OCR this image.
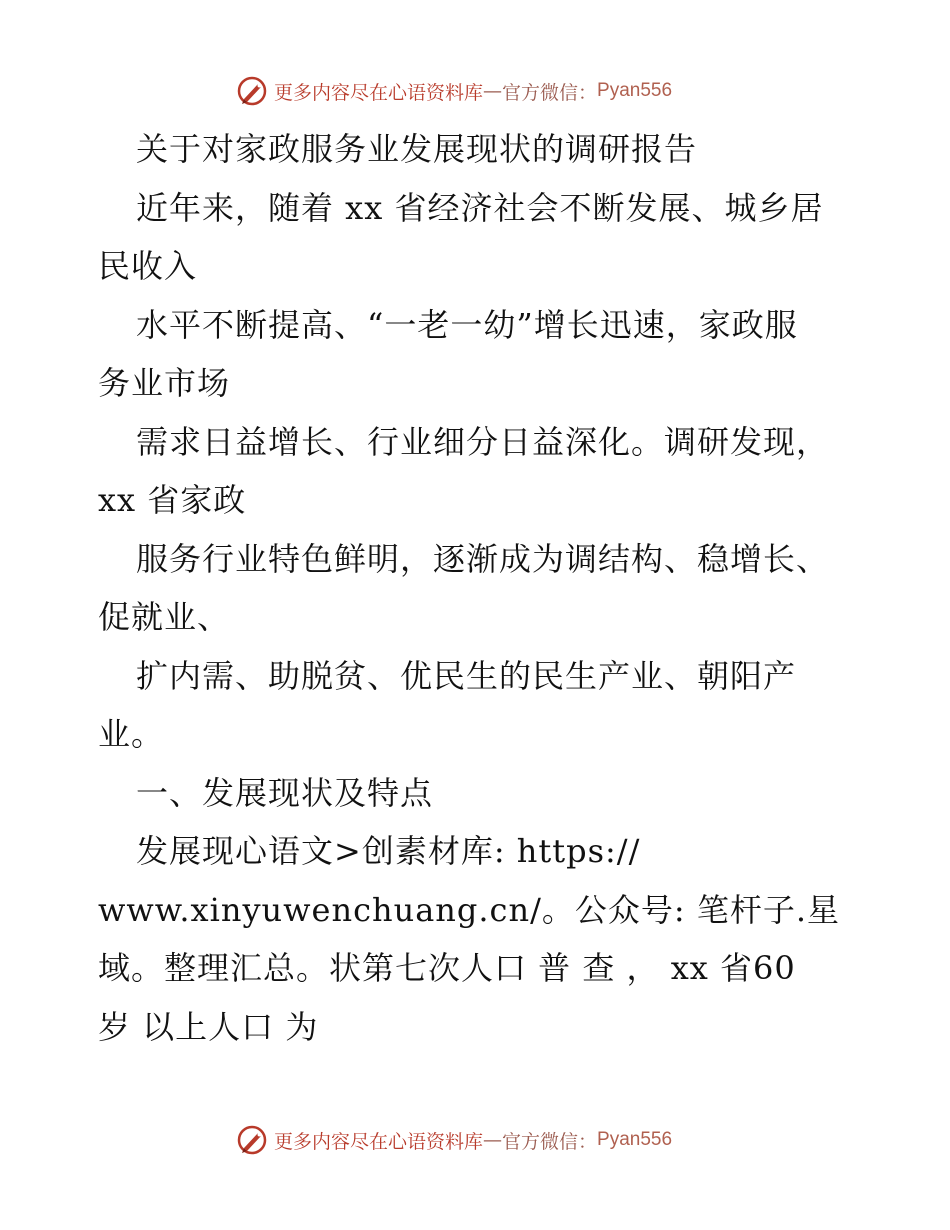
更多内容尽在心语资料库 — 官方微信： Pyan556
关于对家政服务业发展现状的调研报告
近年来，随着 xx 省经济社会不断发展、城乡居
民收入
水平不断提高、“一老一幼”增长迅速，家政服
务业市场
需求日益增长、行业细分日益深化。调研发现，
xx 省家政
服务行业特色鲜明，逐渐成为调结构、稳增长、
促就业、
扩内需、助脱贫、优民生的民生产业、朝阳产
业。
一、发展现状及特点
发展现心语文>创素材库: https://
www.xinyuwenchuang.cn/。公众号: 笔杆子.星
域。整理汇总。状第七次人口 普 查 ， xx 省60
岁 以上人口 为
更多内容尽在心语资料库 — 官方微信： Pyan556
